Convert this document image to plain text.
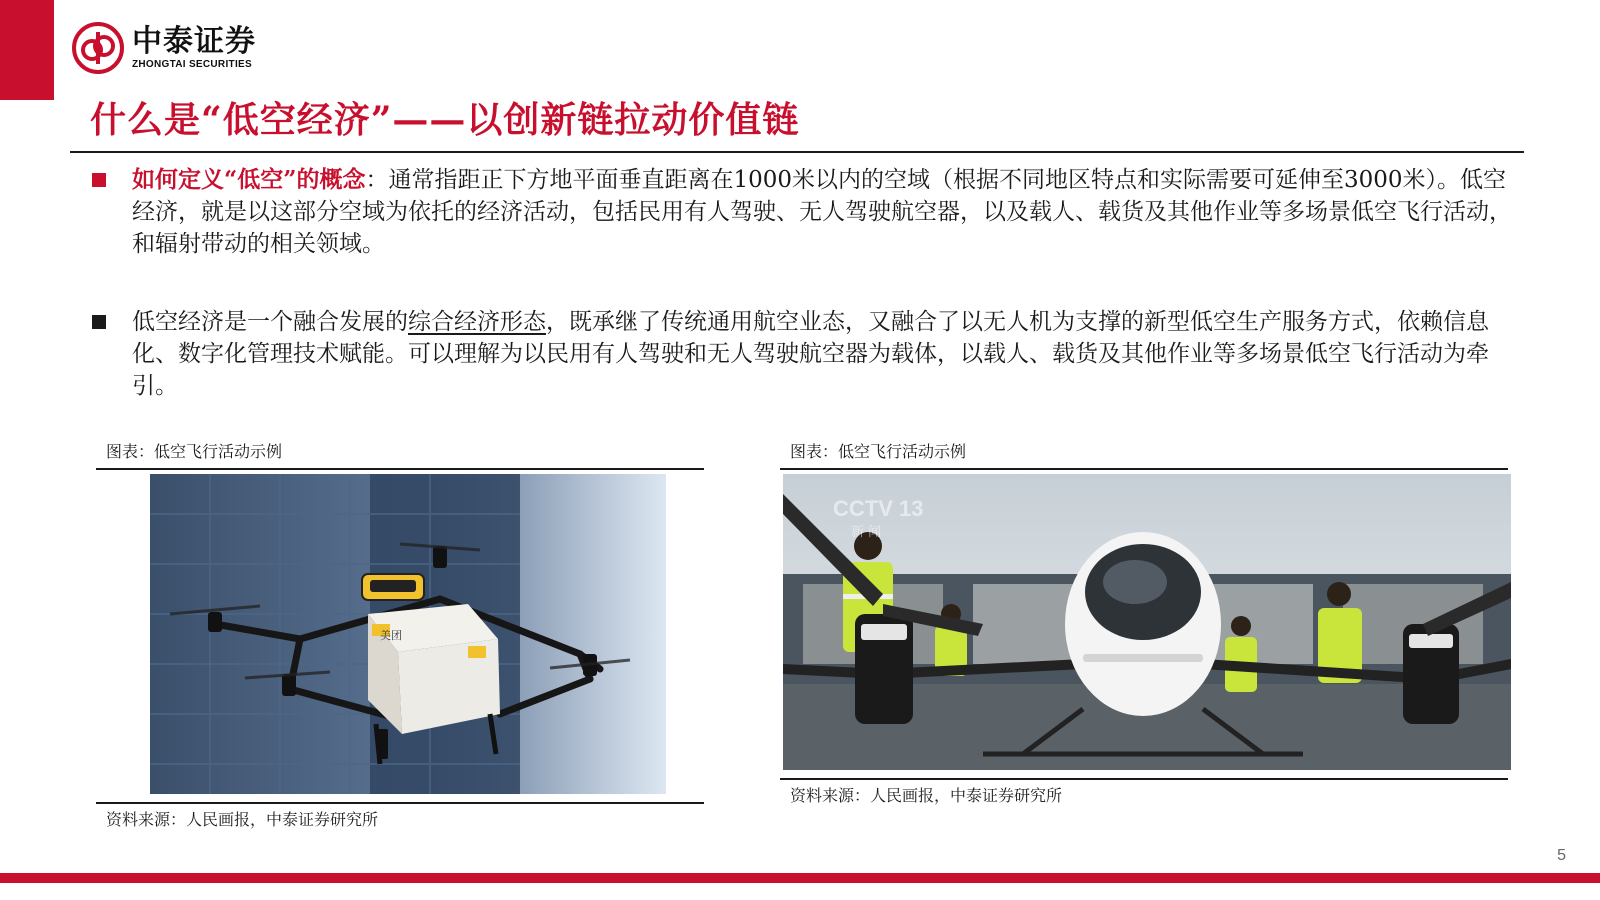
中泰证券
ZHONGTAI SECURITIES
什么是“低空经济”——以创新链拉动价值链
如何定义“低空”的概念：通常指距正下方地平面垂直距离在1000米以内的空域（根据不同地区特点和实际需要可延伸至3000米）。低空经济，就是以这部分空域为依托的经济活动，包括民用有人驾驶、无人驾驶航空器，以及载人、载货及其他作业等多场景低空飞行活动，和辐射带动的相关领域。
低空经济是一个融合发展的综合经济形态，既承继了传统通用航空业态，又融合了以无人机为支撑的新型低空生产服务方式，依赖信息化、数字化管理技术赋能。可以理解为以民用有人驾驶和无人驾驶航空器为载体，以载人、载货及其他作业等多场景低空飞行活动为牵引。
图表：低空飞行活动示例
美团
资料来源：人民画报，中泰证券研究所
图表：低空飞行活动示例
CCTV 13
新 闻
资料来源：人民画报，中泰证券研究所
5
